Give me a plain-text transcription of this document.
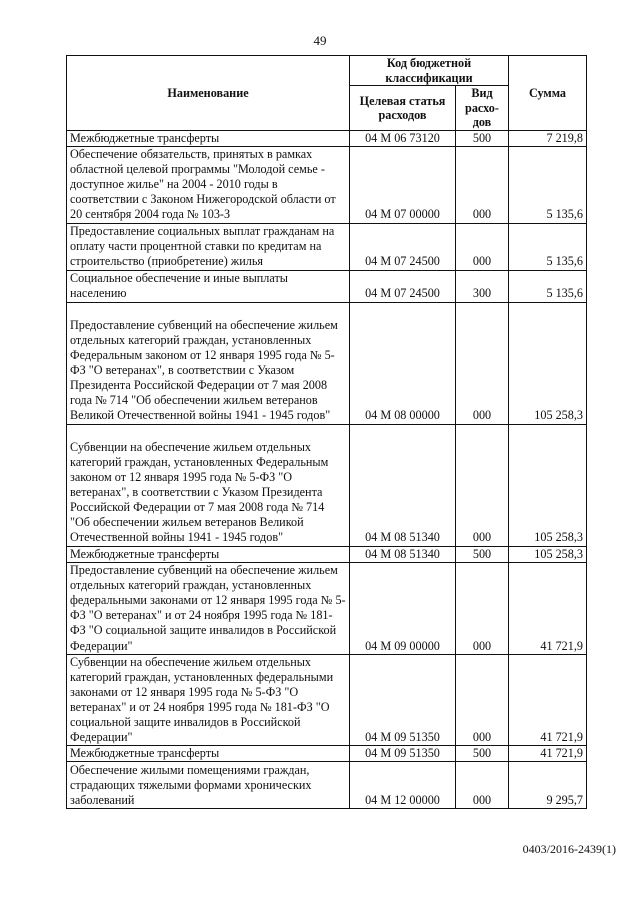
49
Наименование	Код бюджетной классификации		Сумма
	Целевая статья расходов	Вид расхо-дов	
Межбюджетные трансферты	04 М 06 73120	500	7 219,8
Обеспечение обязательств, принятых в рамках областной целевой программы "Молодой семье - доступное жилье" на 2004 - 2010 годы в соответствии с Законом Нижегородской области от 20 сентября 2004 года № 103-З	04 М 07 00000	000	5 135,6
Предоставление социальных выплат гражданам на оплату части процентной ставки по кредитам на строительство (приобретение) жилья	04 М 07 24500	000	5 135,6
Социальное обеспечение и иные выплаты населению	04 М 07 24500	300	5 135,6
Предоставление субвенций на обеспечение жильем отдельных категорий граждан, установленных Федеральным законом от 12 января 1995 года № 5-ФЗ "О ветеранах", в соответствии с Указом Президента Российской Федерации от 7 мая 2008 года № 714 "Об обеспечении жильем ветеранов Великой Отечественной войны 1941 - 1945 годов"	04 М 08 00000	000	105 258,3
Субвенции на обеспечение жильем отдельных категорий граждан, установленных Федеральным законом от 12 января 1995 года № 5-ФЗ "О ветеранах", в соответствии с Указом Президента Российской Федерации от 7 мая 2008 года № 714 "Об обеспечении жильем ветеранов Великой Отечественной войны 1941 - 1945 годов"	04 М 08 51340	000	105 258,3
Межбюджетные трансферты	04 М 08 51340	500	105 258,3
Предоставление субвенций на обеспечение жильем отдельных категорий граждан, установленных федеральными законами от 12 января 1995 года № 5-ФЗ "О ветеранах" и от 24 ноября 1995 года № 181-ФЗ "О социальной защите инвалидов в Российской Федерации"	04 М 09 00000	000	41 721,9
Субвенции на обеспечение жильем отдельных категорий граждан, установленных федеральными законами от 12 января 1995 года № 5-ФЗ "О ветеранах" и от 24 ноября 1995 года № 181-ФЗ "О социальной защите инвалидов в Российской Федерации"	04 М 09 51350	000	41 721,9
Межбюджетные трансферты	04 М 09 51350	500	41 721,9
Обеспечение жилыми помещениями граждан, страдающих тяжелыми формами хронических заболеваний	04 М 12 00000	000	9 295,7
0403/2016-2439(1)
